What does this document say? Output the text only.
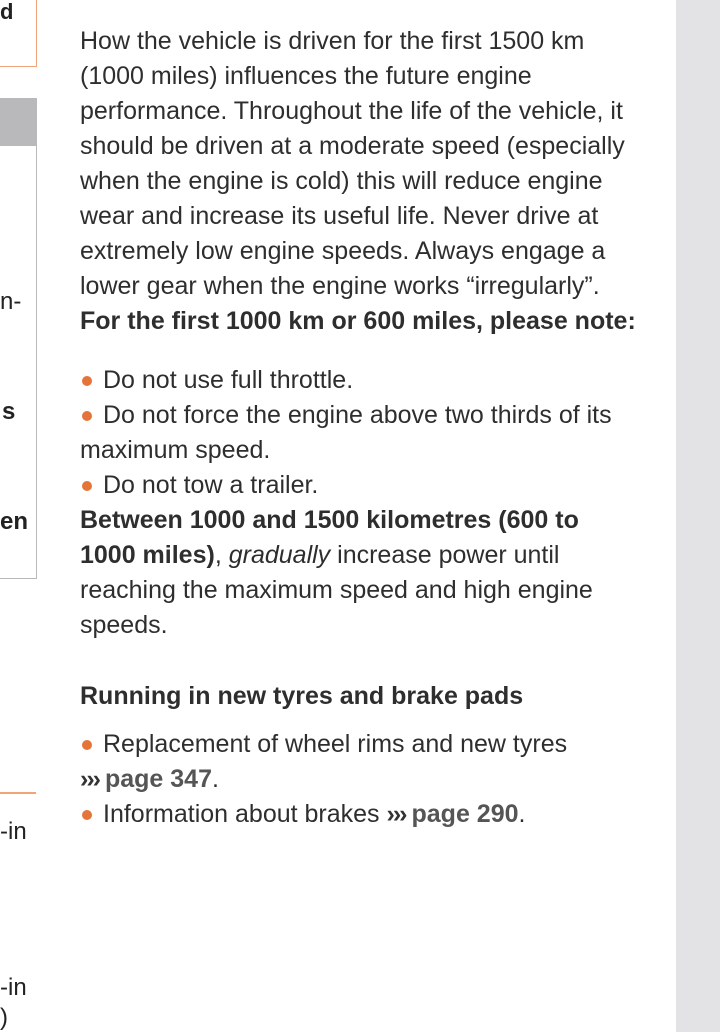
d
n-
s
en
-in
-in
)

How the vehicle is driven for the first 1500 km (1000 miles) influences the future engine performance. Throughout the life of the vehicle, it should be driven at a moderate speed (especially when the engine is cold) this will reduce engine wear and increase its useful life. Never drive at extremely low engine speeds. Always engage a lower gear when the engine works “irregularly”. For the first 1000 km or 600 miles, please note:

Do not use full throttle.

Do not force the engine above two thirds of its maximum speed.

Do not tow a trailer.

Between 1000 and 1500 kilometres (600 to 1000 miles), gradually increase power until reaching the maximum speed and high engine speeds.

Running in new tyres and brake pads

Replacement of wheel rims and new tyres ››› page 347.

Information about brakes ››› page 290.
